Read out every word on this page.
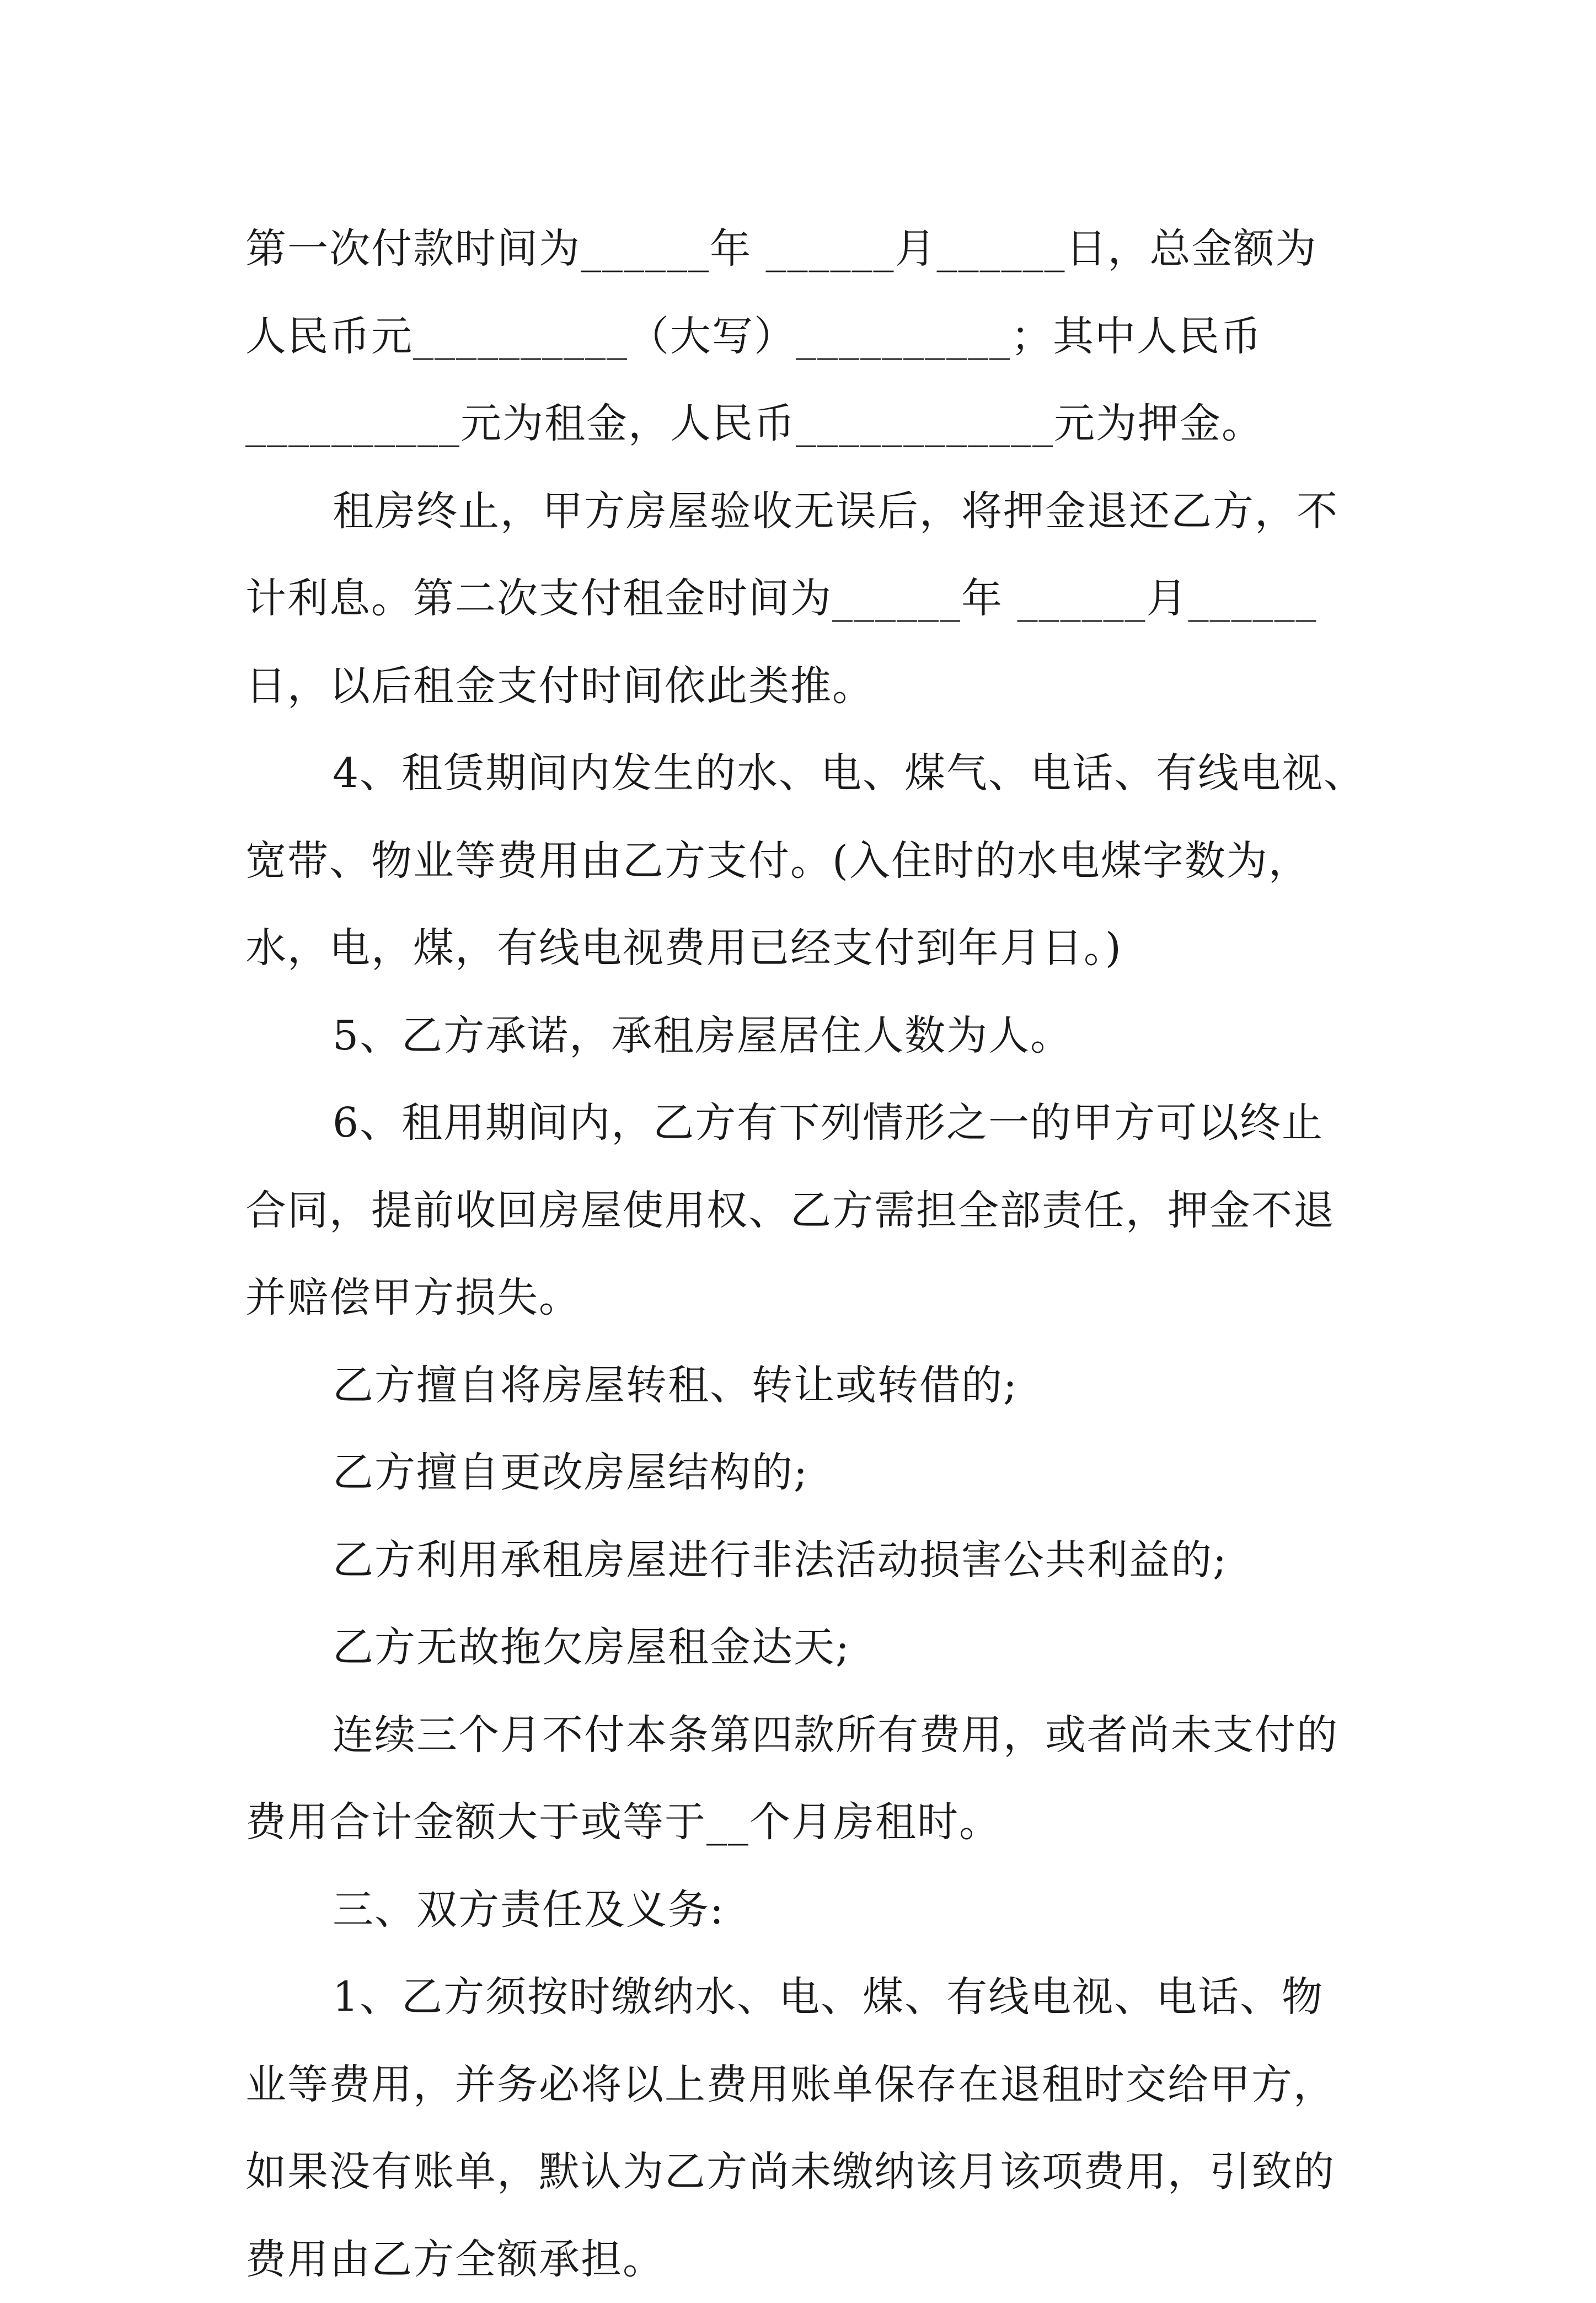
第一次付款时间为______年 ______月______日，总金额为
人民币元__________（大写）__________；其中人民币
__________元为租金，人民币____________元为押金。
租房终止，甲方房屋验收无误后，将押金退还乙方，不
计利息。第二次支付租金时间为______年 ______月______
日，以后租金支付时间依此类推。
4、租赁期间内发生的水、电、煤气、电话、有线电视、
宽带、物业等费用由乙方支付。(入住时的水电煤字数为，
水，电，煤，有线电视费用已经支付到年月日。)
5、乙方承诺，承租房屋居住人数为人。
6、租用期间内，乙方有下列情形之一的甲方可以终止
合同，提前收回房屋使用权、乙方需担全部责任，押金不退
并赔偿甲方损失。
乙方擅自将房屋转租、转让或转借的;
乙方擅自更改房屋结构的;
乙方利用承租房屋进行非法活动损害公共利益的;
乙方无故拖欠房屋租金达天;
连续三个月不付本条第四款所有费用，或者尚未支付的
费用合计金额大于或等于__个月房租时。
三、双方责任及义务:
1、乙方须按时缴纳水、电、煤、有线电视、电话、物
业等费用，并务必将以上费用账单保存在退租时交给甲方，
如果没有账单，默认为乙方尚未缴纳该月该项费用，引致的
费用由乙方全额承担。
